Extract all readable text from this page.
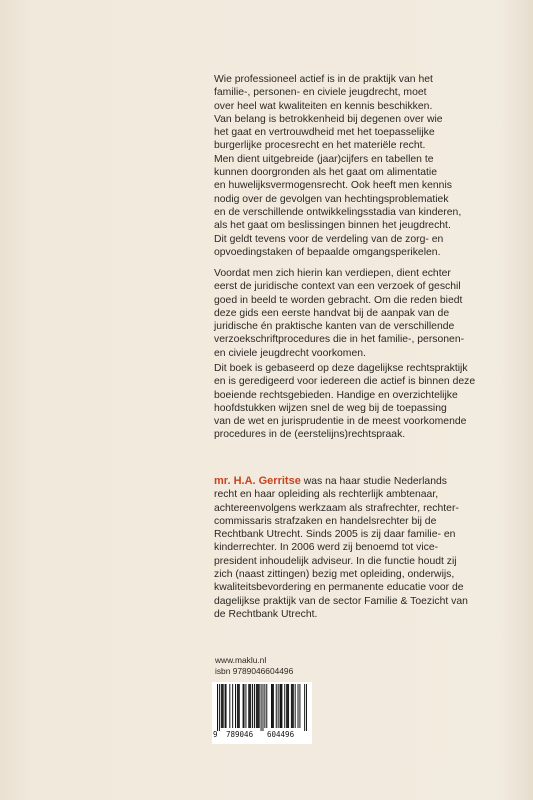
Wie professioneel actief is in de praktijk van het
familie-, personen- en civiele jeugdrecht, moet
over heel wat kwaliteiten en kennis beschikken.
Van belang is betrokkenheid bij degenen over wie
het gaat en vertrouwdheid met het toepasselijke
burgerlijke procesrecht en het materiële recht.
Men dient uitgebreide (jaar)cijfers en tabellen te
kunnen doorgronden als het gaat om alimentatie
en huwelijksvermogensrecht. Ook heeft men kennis
nodig over de gevolgen van hechtingsproblematiek
en de verschillende ontwikkelingsstadia van kinderen,
als het gaat om beslissingen binnen het jeugdrecht.
Dit geldt tevens voor de verdeling van de zorg- en
opvoedingstaken of bepaalde omgangsperikelen.
Voordat men zich hierin kan verdiepen, dient echter
eerst de juridische context van een verzoek of geschil
goed in beeld te worden gebracht. Om die reden biedt
deze gids een eerste handvat bij de aanpak van de
juridische én praktische kanten van de verschillende
verzoekschriftprocedures die in het familie-, personen-
en civiele jeugdrecht voorkomen.
Dit boek is gebaseerd op deze dagelijkse rechtspraktijk
en is geredigeerd voor iedereen die actief is binnen deze
boeiende rechtsgebieden. Handige en overzichtelijke
hoofdstukken wijzen snel de weg bij de toepassing
van de wet en jurisprudentie in de meest voorkomende
procedures in de (eerstelijns)rechtspraak.
mr. H.A. Gerritse was na haar studie Nederlands
recht en haar opleiding als rechterlijk ambtenaar,
achtereenvolgens werkzaam als strafrechter, rechter-
commissaris strafzaken en handelsrechter bij de
Rechtbank Utrecht. Sinds 2005 is zij daar familie- en
kinderrechter. In 2006 werd zij benoemd tot vice-
president inhoudelijk adviseur. In die functie houdt zij
zich (naast zittingen) bezig met opleiding, onderwijs,
kwaliteitsbevordering en permanente educatie voor de
dagelijkse praktijk van de sector Familie & Toezicht van
de Rechtbank Utrecht.
www.maklu.nl
isbn 9789046604496
9 789046 604496
